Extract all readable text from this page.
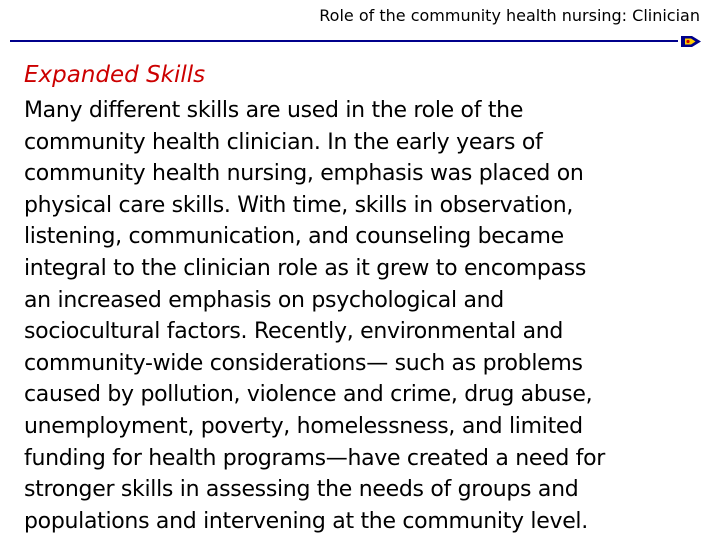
Role of the community health nursing: Clinician
Expanded Skills

Many different skills are used in the role of the
community health clinician. In the early years of
community health nursing, emphasis was placed on
physical care skills. With time, skills in observation,
listening, communication, and counseling became
integral to the clinician role as it grew to encompass
an increased emphasis on psychological and
sociocultural factors. Recently, environmental and
community-wide considerations— such as problems
caused by pollution, violence and crime, drug abuse,
unemployment, poverty, homelessness, and limited
funding for health programs—have created a need for
stronger skills in assessing the needs of groups and
populations and intervening at the community level.
